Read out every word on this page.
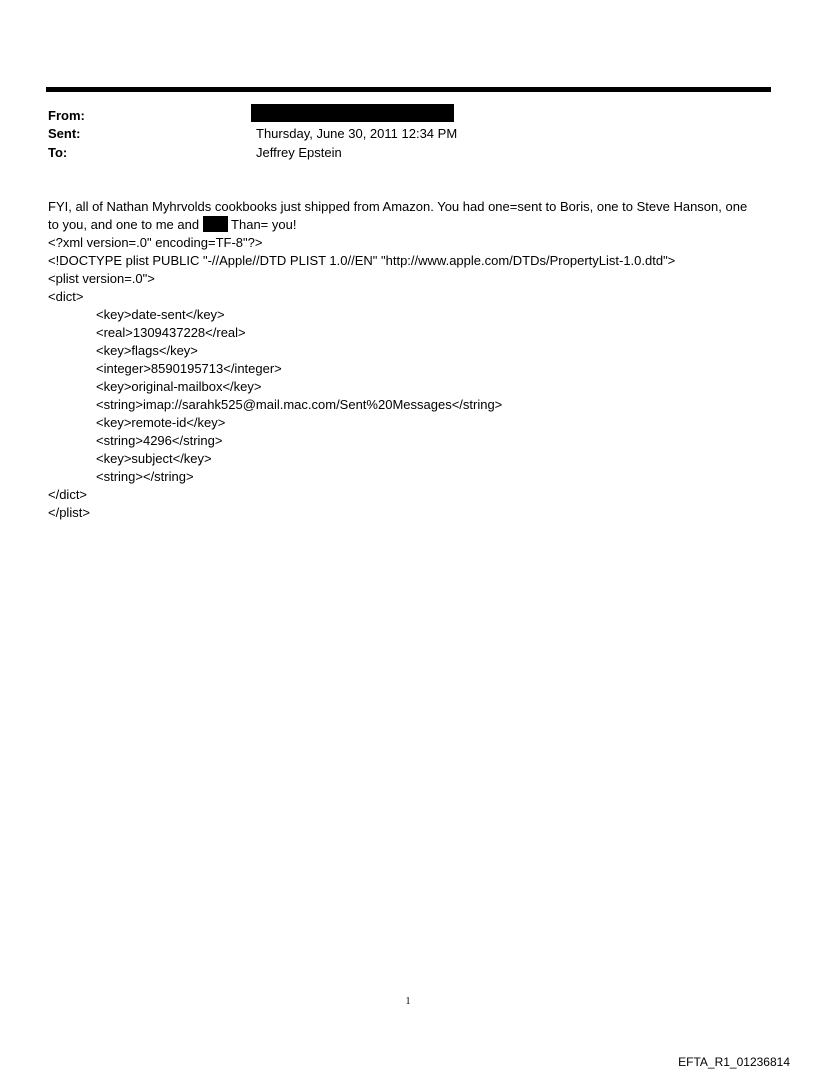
From:
Sent:	Thursday, June 30, 2011 12:34 PM
To:	Jeffrey Epstein
FYI, all of Nathan Myhrvolds cookbooks just shipped from Amazon. You had one=sent to Boris, one to Steve Hanson, one
to you, and one to me and  Than= you!
<?xml version=.0" encoding=TF-8"?>
<!DOCTYPE plist PUBLIC "-//Apple//DTD PLIST 1.0//EN" "http://www.apple.com/DTDs/PropertyList-1.0.dtd">
<plist version=.0">
<dict>
<key>date-sent</key>
<real>1309437228</real>
<key>flags</key>
<integer>8590195713</integer>
<key>original-mailbox</key>
<string>imap://sarahk525@mail.mac.com/Sent%20Messages</string>
<key>remote-id</key>
<string>4296</string>
<key>subject</key>
<string></string>
</dict>
</plist>
1
EFTA_R1_01236814
